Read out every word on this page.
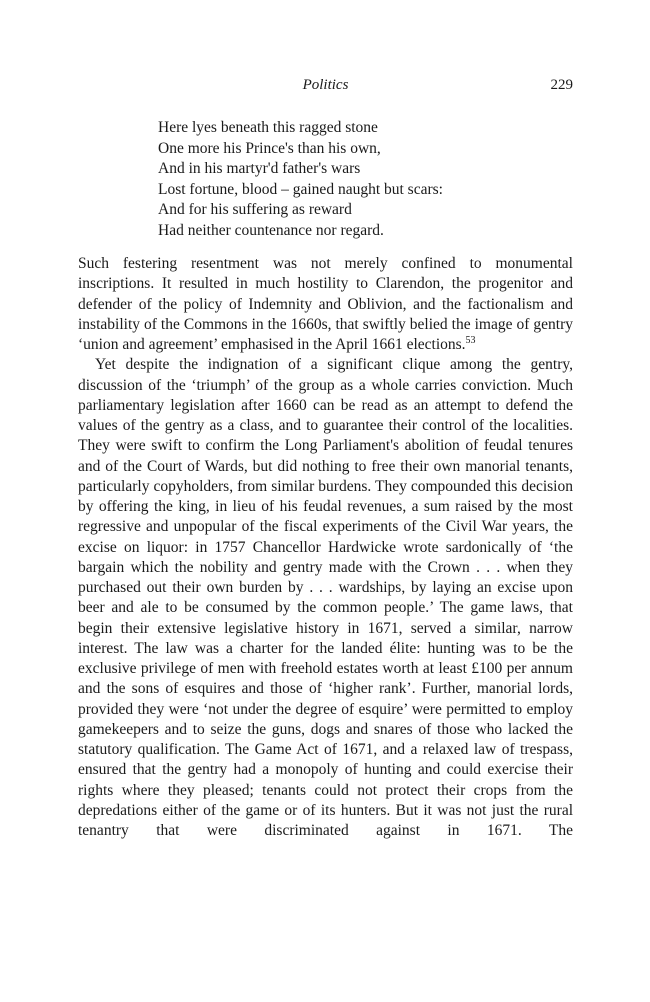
Politics	229
Here lyes beneath this ragged stone
One more his Prince's than his own,
And in his martyr'd father's wars
Lost fortune, blood – gained naught but scars:
And for his suffering as reward
Had neither countenance nor regard.

Such festering resentment was not merely confined to monumental inscriptions. It resulted in much hostility to Clarendon, the progenitor and defender of the policy of Indemnity and Oblivion, and the factionalism and instability of the Commons in the 1660s, that swiftly belied the image of gentry ‘union and agreement’ emphasised in the April 1661 elections.$^{53}$

Yet despite the indignation of a significant clique among the gentry, discussion of the ‘triumph’ of the group as a whole carries conviction. Much parliamentary legislation after 1660 can be read as an attempt to defend the values of the gentry as a class, and to guarantee their control of the localities. They were swift to confirm the Long Parliament's abolition of feudal tenures and of the Court of Wards, but did nothing to free their own manorial tenants, particularly copyholders, from similar burdens. They compounded this decision by offering the king, in lieu of his feudal revenues, a sum raised by the most regressive and unpopular of the fiscal experiments of the Civil War years, the excise on liquor: in 1757 Chancellor Hardwicke wrote sardonically of ‘the bargain which the nobility and gentry made with the Crown . . . when they purchased out their own burden by . . . wardships, by laying an excise upon beer and ale to be consumed by the common people.’ The game laws, that begin their extensive legislative history in 1671, served a similar, narrow interest. The law was a charter for the landed élite: hunting was to be the exclusive privilege of men with freehold estates worth at least £100 per annum and the sons of esquires and those of ‘higher rank’. Further, manorial lords, provided they were ‘not under the degree of esquire’ were permitted to employ gamekeepers and to seize the guns, dogs and snares of those who lacked the statutory qualification. The Game Act of 1671, and a relaxed law of trespass, ensured that the gentry had a monopoly of hunting and could exercise their rights where they pleased; tenants could not protect their crops from the depredations either of the game or of its hunters. But it was not just the rural tenantry that were discriminated against in 1671. The
